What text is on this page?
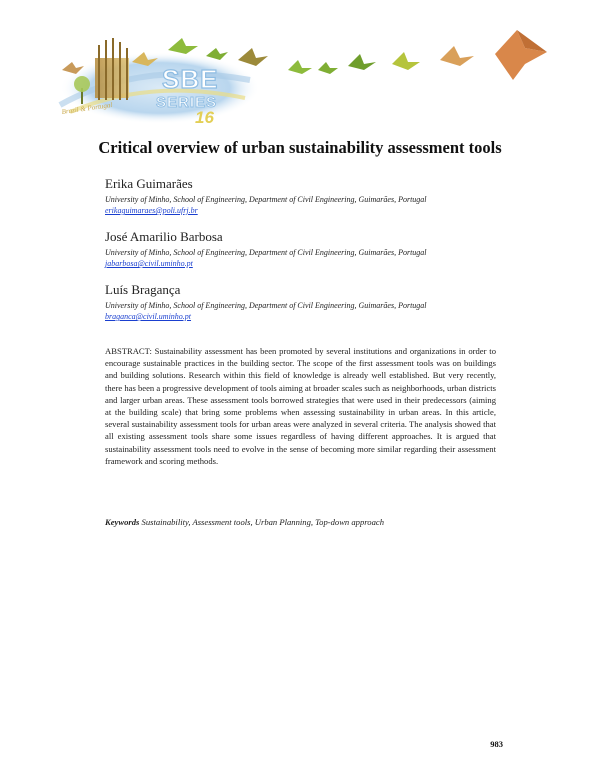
SBE
SERIES
16
Brazil & Portugal
Critical overview of urban sustainability assessment tools
Erika Guimarães
University of Minho, School of Engineering, Department of Civil Engineering, Guimarães, Portugal
erikaguimaraes@poli.ufrj.br
José Amarilio Barbosa
University of Minho, School of Engineering, Department of Civil Engineering, Guimarães, Portugal
jabarbosa@civil.uminho.pt
Luís Bragança
University of Minho, School of Engineering, Department of Civil Engineering, Guimarães, Portugal
braganca@civil.uminho.pt
ABSTRACT: Sustainability assessment has been promoted by several institutions and organizations in order to encourage sustainable practices in the building sector. The scope of the first assessment tools was on buildings and building solutions. Research within this field of knowledge is already well established. But very recently, there has been a progressive development of tools aiming at broader scales such as neighborhoods, urban districts and larger urban areas. These assessment tools borrowed strategies that were used in their predecessors (aiming at the building scale) that bring some problems when assessing sustainability in urban areas. In this article, several sustainability assessment tools for urban areas were analyzed in several criteria. The analysis showed that all existing assessment tools share some issues regardless of having different approaches. It is argued that sustainability assessment tools need to evolve in the sense of becoming more similar regarding their assessment framework and scoring methods.
Keywords Sustainability, Assessment tools, Urban Planning, Top-down approach
983
